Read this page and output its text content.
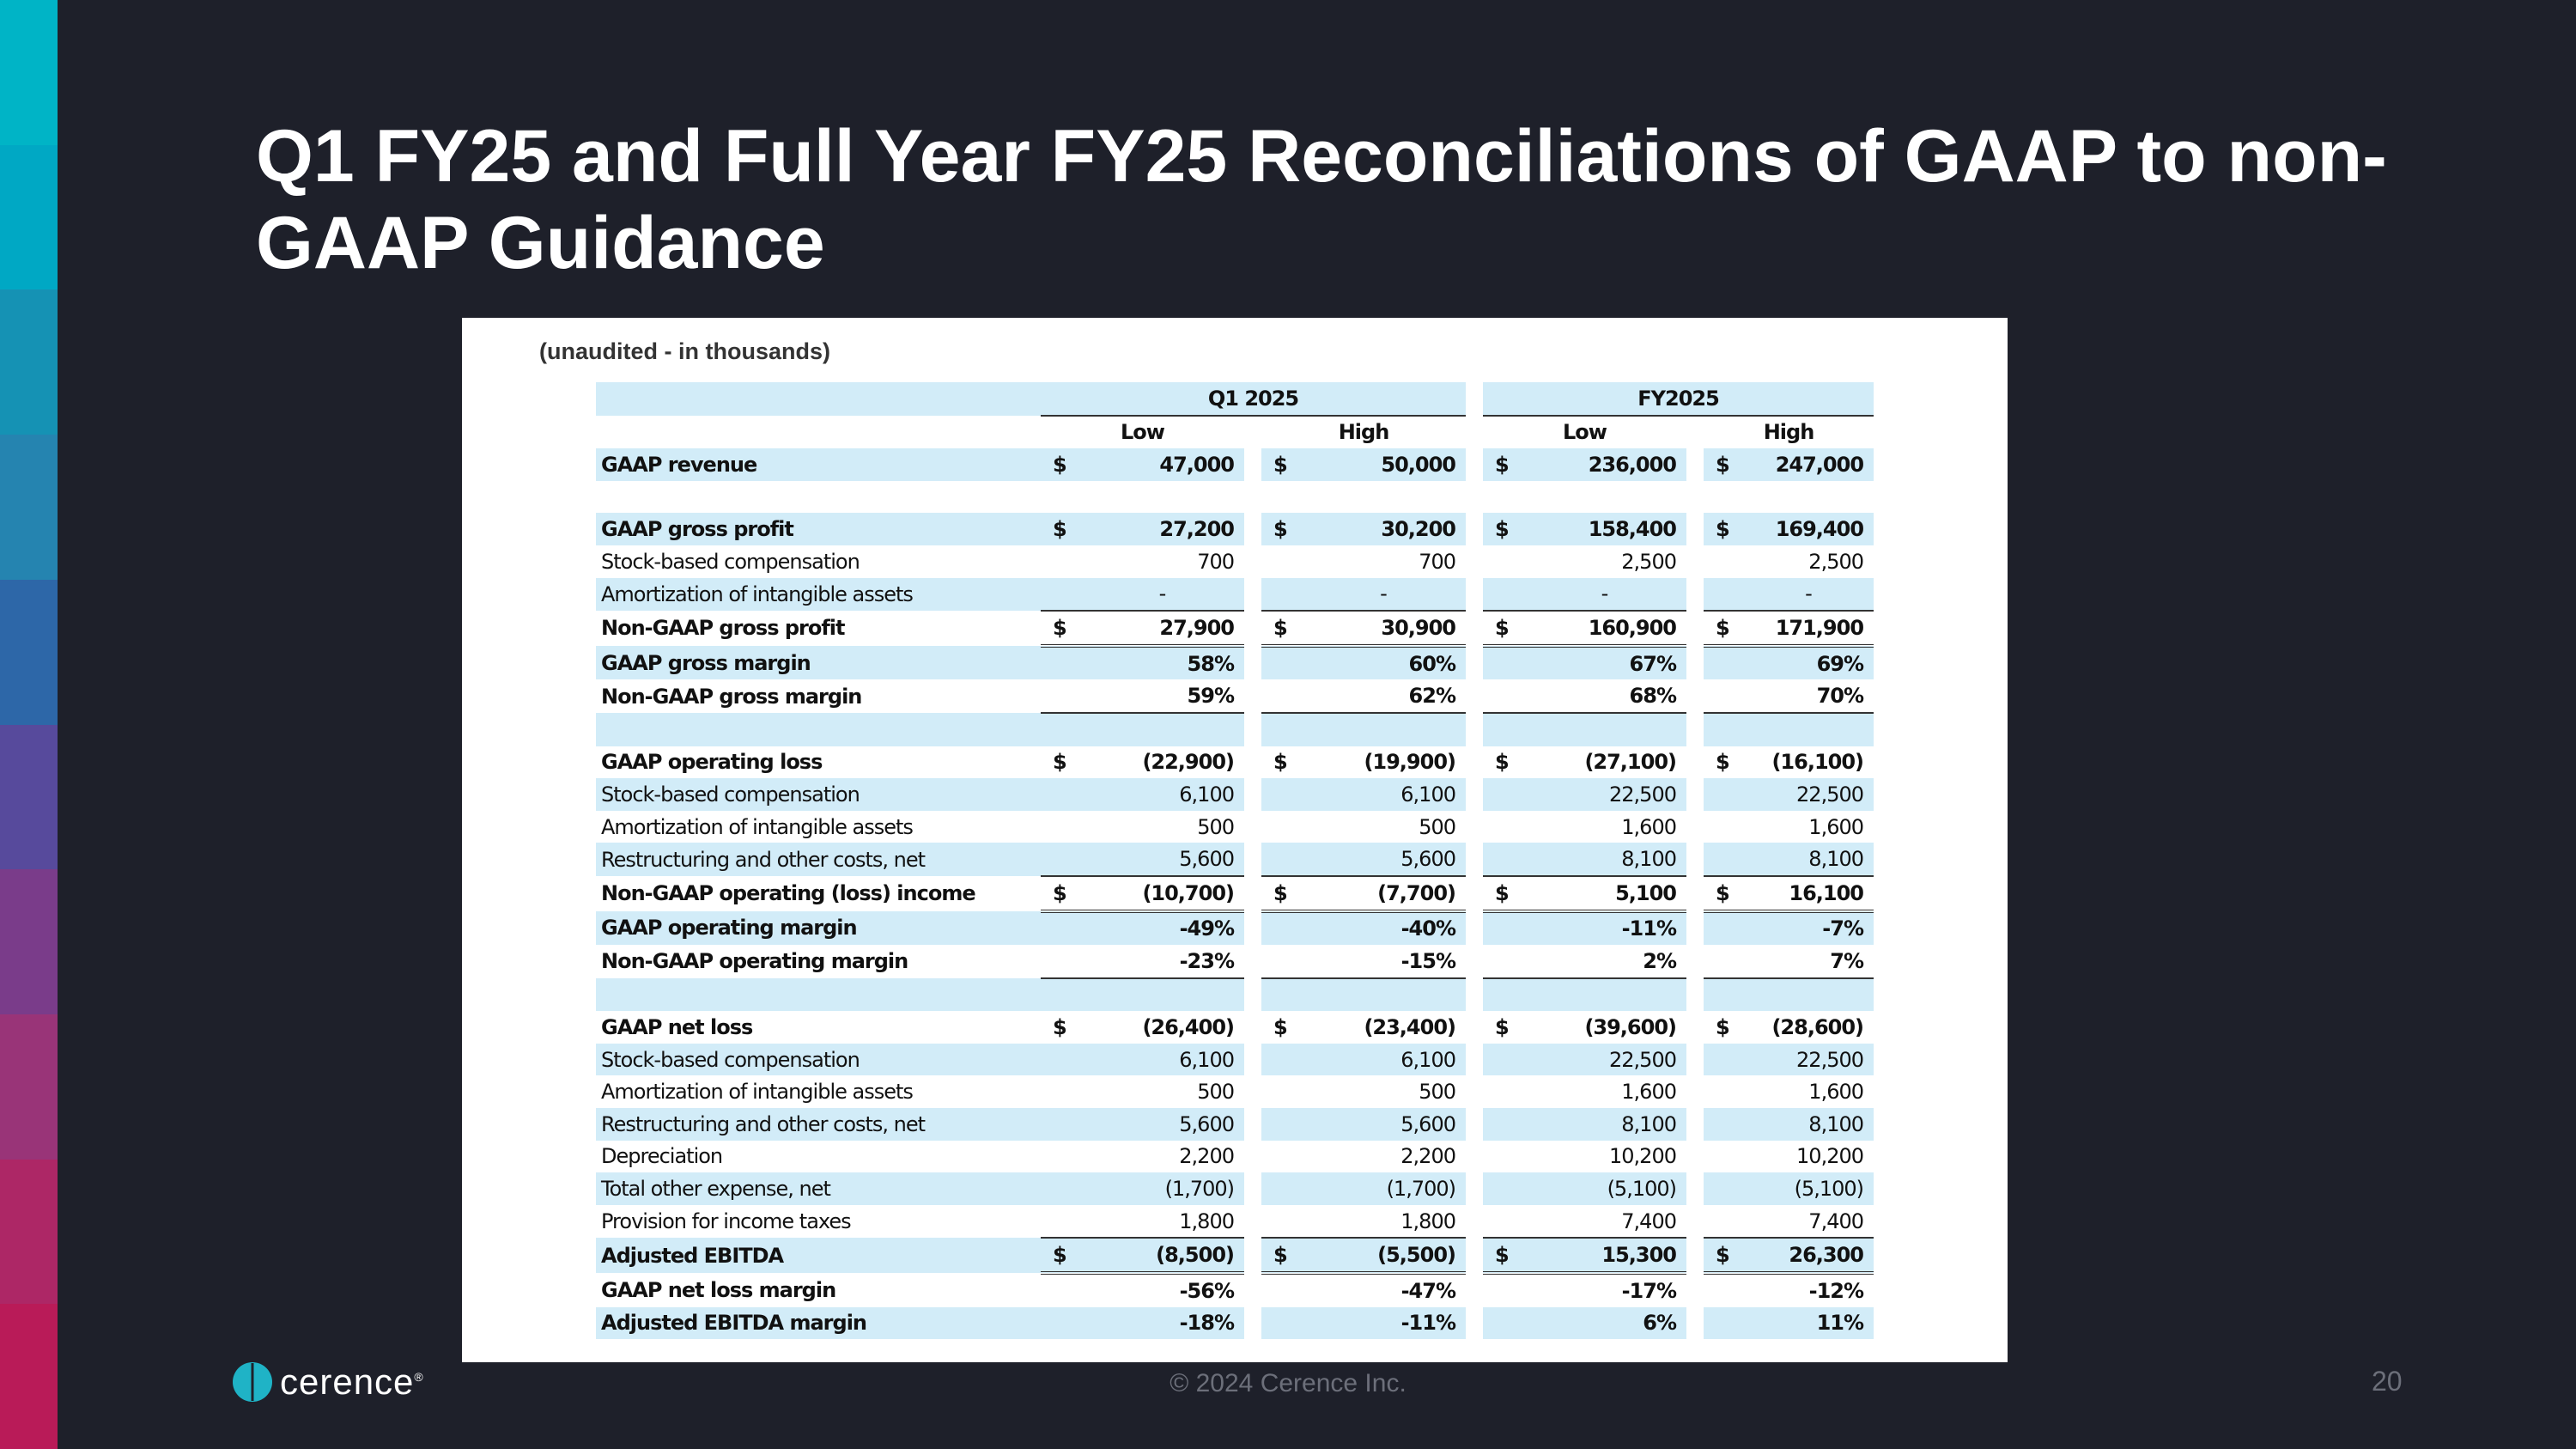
Q1 FY25 and Full Year FY25 Reconciliations of GAAP to non-GAAP Guidance
(unaudited - in thousands)
	Q1 2025						FY2025				
	Low			High			Low			High	
GAAP revenue	$	47,000		$	50,000		$	236,000		$	247,000

GAAP gross profit	$	27,200		$	30,200		$	158,400		$	169,400
Stock-based compensation		700			700			2,500			2,500
Amortization of intangible assets		-			-			-			-
Non-GAAP gross profit	$	27,900		$	30,900		$	160,900		$	171,900
GAAP gross margin		58%			60%			67%			69%
Non-GAAP gross margin		59%			62%			68%			70%

GAAP operating loss	$	(22,900)		$	(19,900)		$	(27,100)		$	(16,100)
Stock-based compensation		6,100			6,100			22,500			22,500
Amortization of intangible assets		500			500			1,600			1,600
Restructuring and other costs, net		5,600			5,600			8,100			8,100
Non-GAAP operating (loss) income	$	(10,700)		$	(7,700)		$	5,100		$	16,100
GAAP operating margin		-49%			-40%			-11%			-7%
Non-GAAP operating margin		-23%			-15%			2%			7%

GAAP net loss	$	(26,400)		$	(23,400)		$	(39,600)		$	(28,600)
Stock-based compensation		6,100			6,100			22,500			22,500
Amortization of intangible assets		500			500			1,600			1,600
Restructuring and other costs, net		5,600			5,600			8,100			8,100
Depreciation		2,200			2,200			10,200			10,200
Total other expense, net		(1,700)			(1,700)			(5,100)			(5,100)
Provision for income taxes		1,800			1,800			7,400			7,400
Adjusted EBITDA	$	(8,500)		$	(5,500)		$	15,300		$	26,300
GAAP net loss margin		-56%			-47%			-17%			-12%
Adjusted EBITDA margin		-18%			-11%			6%			11%
cerence®	© 2024 Cerence Inc.	20
